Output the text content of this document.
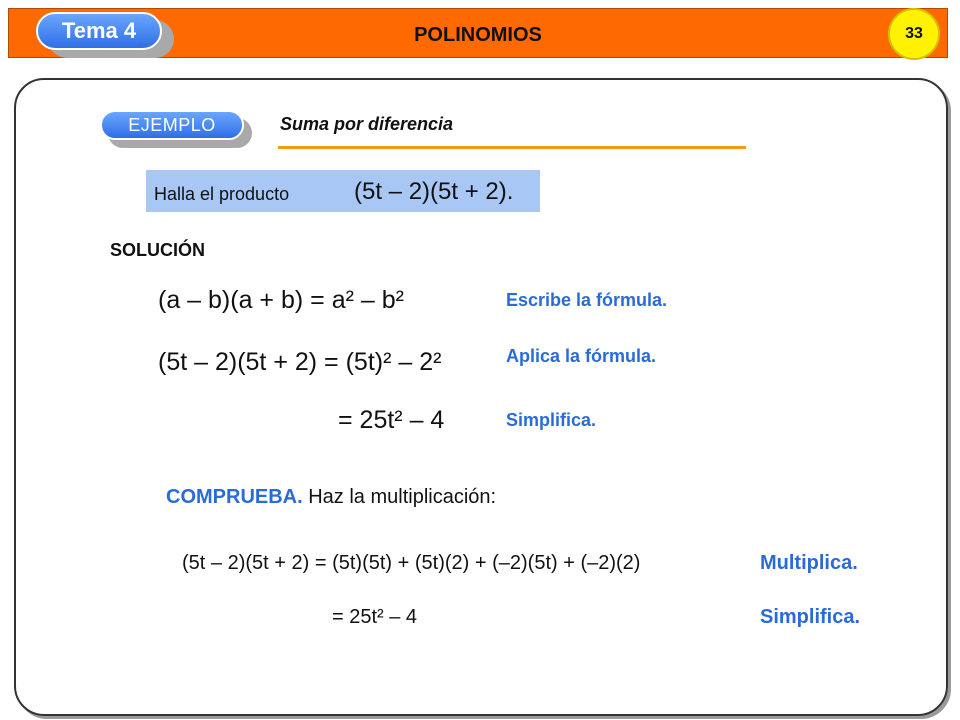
POLINOMIOS
Tema 4	33
EJEMPLO	Suma por diferencia
Halla el producto	(5t – 2)(5t + 2).
SOLUCIÓN
(a – b)(a + b) = a² – b²	Escribe la fórmula.
(5t – 2)(5t + 2) = (5t)² – 2²	Aplica la fórmula.
= 25t² – 4	Simplifica.
COMPRUEBA. Haz la multiplicación:
(5t – 2)(5t + 2) = (5t)(5t) + (5t)(2) + (–2)(5t) + (–2)(2)	Multiplica.
= 25t² – 4	Simplifica.
